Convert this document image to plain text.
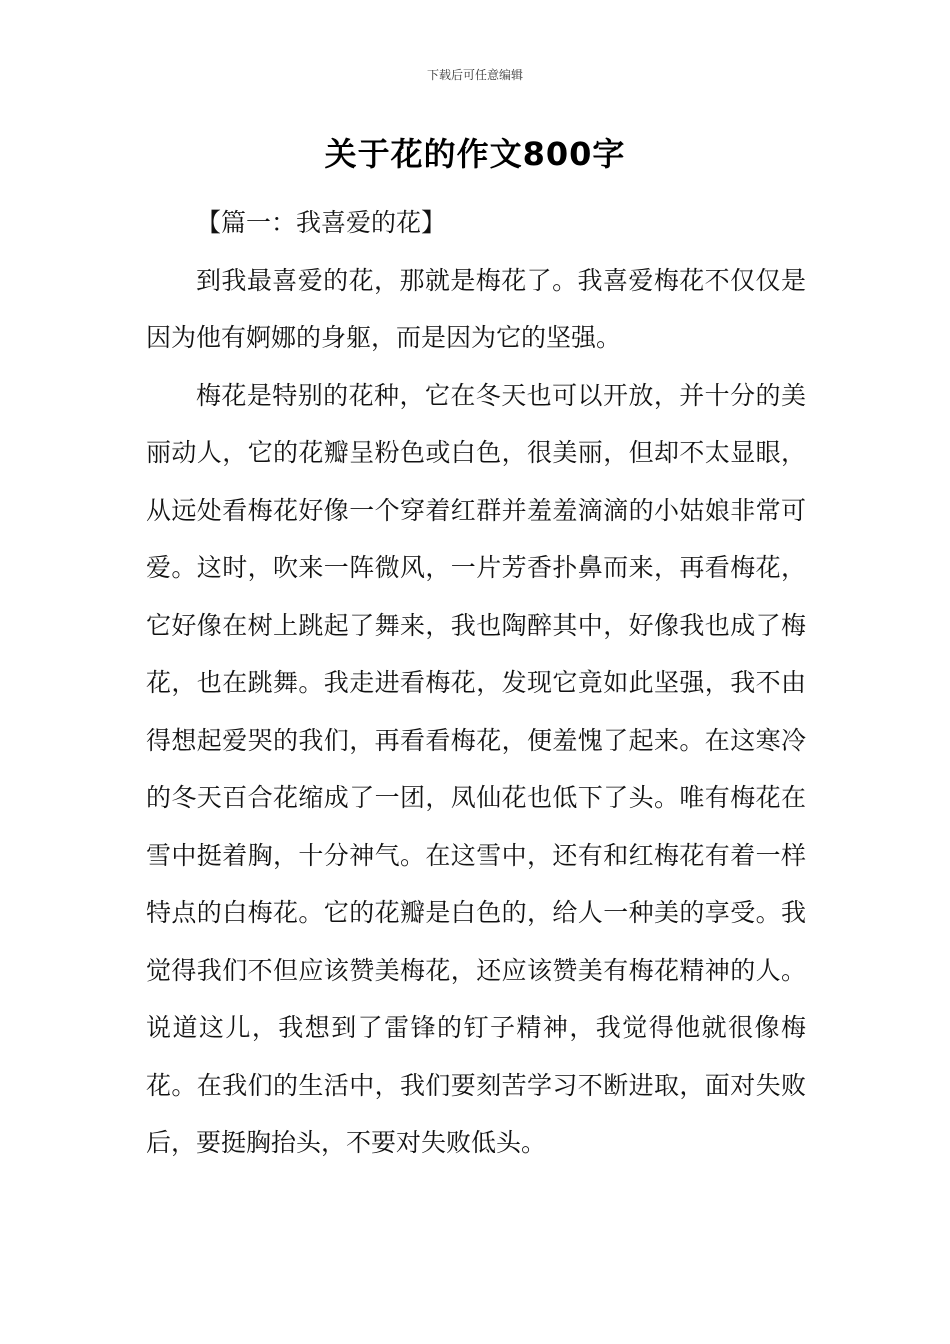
下载后可任意编辑
关于花的作文800字

【篇一：我喜爱的花】

到我最喜爱的花，那就是梅花了。我喜爱梅花不仅仅是因为他有婀娜的身躯，而是因为它的坚强。

梅花是特别的花种，它在冬天也可以开放，并十分的美丽动人，它的花瓣呈粉色或白色，很美丽，但却不太显眼，从远处看梅花好像一个穿着红群并羞羞滴滴的小姑娘非常可爱。这时，吹来一阵微风，一片芳香扑鼻而来，再看梅花，它好像在树上跳起了舞来，我也陶醉其中，好像我也成了梅花，也在跳舞。我走进看梅花，发现它竟如此坚强，我不由得想起爱哭的我们，再看看梅花，便羞愧了起来。在这寒冷的冬天百合花缩成了一团，凤仙花也低下了头。唯有梅花在雪中挺着胸，十分神气。在这雪中，还有和红梅花有着一样特点的白梅花。它的花瓣是白色的，给人一种美的享受。我觉得我们不但应该赞美梅花，还应该赞美有梅花精神的人。说道这儿，我想到了雷锋的钉子精神，我觉得他就很像梅花。在我们的生活中，我们要刻苦学习不断进取，面对失败后，要挺胸抬头，不要对失败低头。
